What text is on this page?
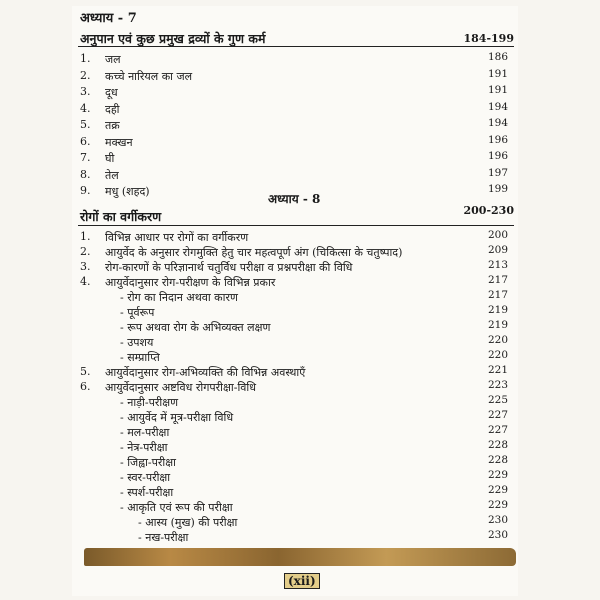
अध्याय - 7
अनुपान एवं कुछ प्रमुख द्रव्यों के गुण कर्म	184-199
1.	जल	186
2.	कच्चे नारियल का जल	191
3.	दूध	191
4.	दही	194
5.	तक्र	194
6.	मक्खन	196
7.	घी	196
8.	तेल	197
9.	मधु (शहद)	199
अध्याय - 8
रोगों का वर्गीकरण	200-230
1.	विभिन्न आधार पर रोगों का वर्गीकरण	200
2.	आयुर्वेद के अनुसार रोगमुक्ति हेतु चार महत्वपूर्ण अंग (चिकित्सा के चतुष्पाद)	209
3.	रोग-कारणों के परिज्ञानार्थ चतुर्विध परीक्षा व प्रश्नपरीक्षा की विधि	213
4.	आयुर्वेदानुसार रोग-परीक्षण के विभिन्न प्रकार	217
- रोग का निदान अथवा कारण	217
- पूर्वरूप	219
- रूप अथवा रोग के अभिव्यक्त लक्षण	219
- उपशय	220
- सम्प्राप्ति	220
5.	आयुर्वेदानुसार रोग-अभिव्यक्ति की विभिन्न अवस्थाएँ	221
6.	आयुर्वेदानुसार अष्टविध रोगपरीक्षा-विधि	223
- नाड़ी-परीक्षण	225
- आयुर्वेद में मूत्र-परीक्षा विधि	227
- मल-परीक्षा	227
- नेत्र-परीक्षा	228
- जिह्वा-परीक्षा	228
- स्वर-परीक्षा	229
- स्पर्श-परीक्षा	229
- आकृति एवं रूप की परीक्षा	229
- आस्य (मुख) की परीक्षा	230
- नख-परीक्षा	230
(xii)
